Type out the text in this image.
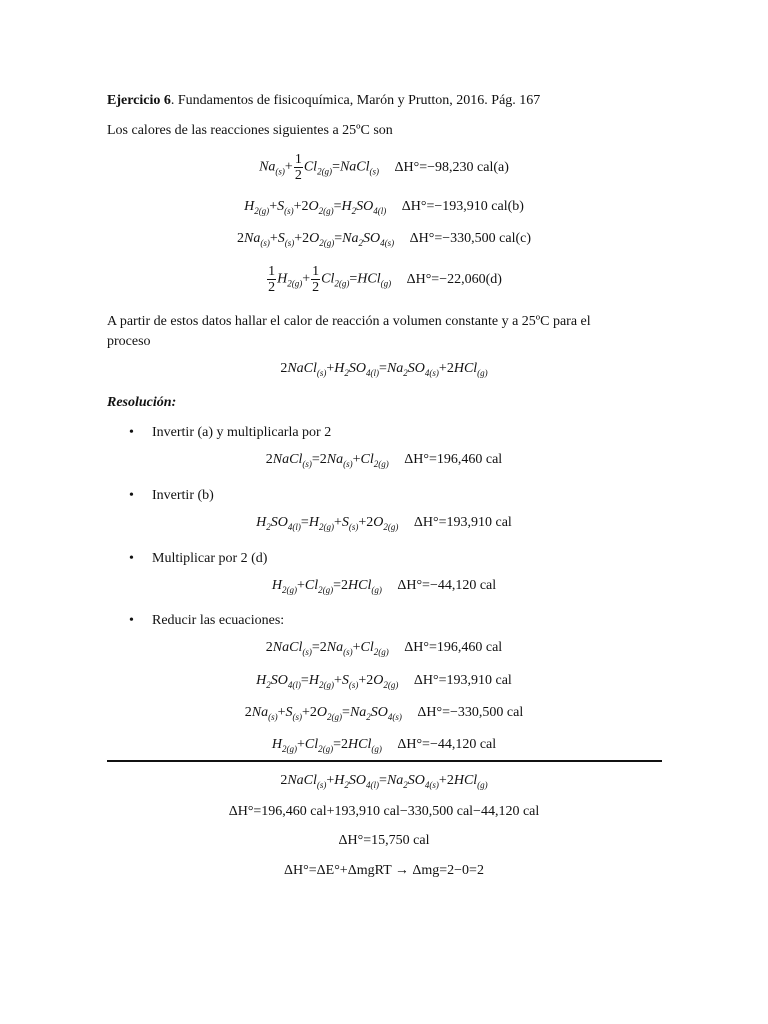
Ejercicio 6. Fundamentos de fisicoquímica, Marón y Prutton, 2016. Pág. 167
Los calores de las reacciones siguientes a 25ºC son
$Na_{(s)}+ \frac{1}{2}$ $Cl_{2(g)}=NaCl_{(s)}$ ΔH°=−98,230 cal(a)
$H_{2(g)}+S_{(s)}+2O_{2(g)}=H_2SO_{4(l)}$ ΔH°=−193,910 cal(b)
$2Na_{(s)}+S_{(s)}+2O_{2(g)}=Na_2SO_{4(s)}$ ΔH°=−330,500 cal(c)
$\frac{1}{2} H_{2(g)}+ \frac{1}{2} Cl_{2(g)}=HCl_{(g)}$ ΔH°=−22,060(d)
A partir de estos datos hallar el calor de reacción a volumen constante y a 25ºC para el
proceso
$2NaCl_{(s)}+H_2SO_{4(l)}=Na_2SO_{4(s)}+2HCl_{(g)}$
Resolución:
• Invertir (a) y multiplicarla por 2
$2NaCl_{(s)}=2Na_{(s)}+Cl_{2(g)}$ ΔH°=196,460 cal
• Invertir (b)
$H_2SO_{4(l)}=H_{2(g)}+S_{(s)}+2O_{2(g)}$ ΔH°=193,910 cal
• Multiplicar por 2 (d)
$H_{2(g)}+Cl_{2(g)}=2HCl_{(g)}$ ΔH°=−44,120 cal
• Reducir las ecuaciones:
$2NaCl_{(s)}=2Na_{(s)}+Cl_{2(g)}$ ΔH°=196,460 cal
$H_2SO_{4(l)}=H_{2(g)}+S_{(s)}+2O_{2(g)}$ ΔH°=193,910 cal
$2Na_{(s)}+S_{(s)}+2O_{2(g)}=Na_2SO_{4(s)}$ ΔH°=−330,500 cal
$H_{2(g)}+Cl_{2(g)}=2HCl_{(g)}$ ΔH°=−44,120 cal
$2NaCl_{(s)}+H_2SO_{4(l)}=Na_2SO_{4(s)}+2HCl_{(g)}$
ΔH°=196,460 cal+193,910 cal−330,500 cal−44,120 cal
ΔH°=15,750 cal
ΔH°=ΔE°+ΔmgRT → Δmg=2−0=2
